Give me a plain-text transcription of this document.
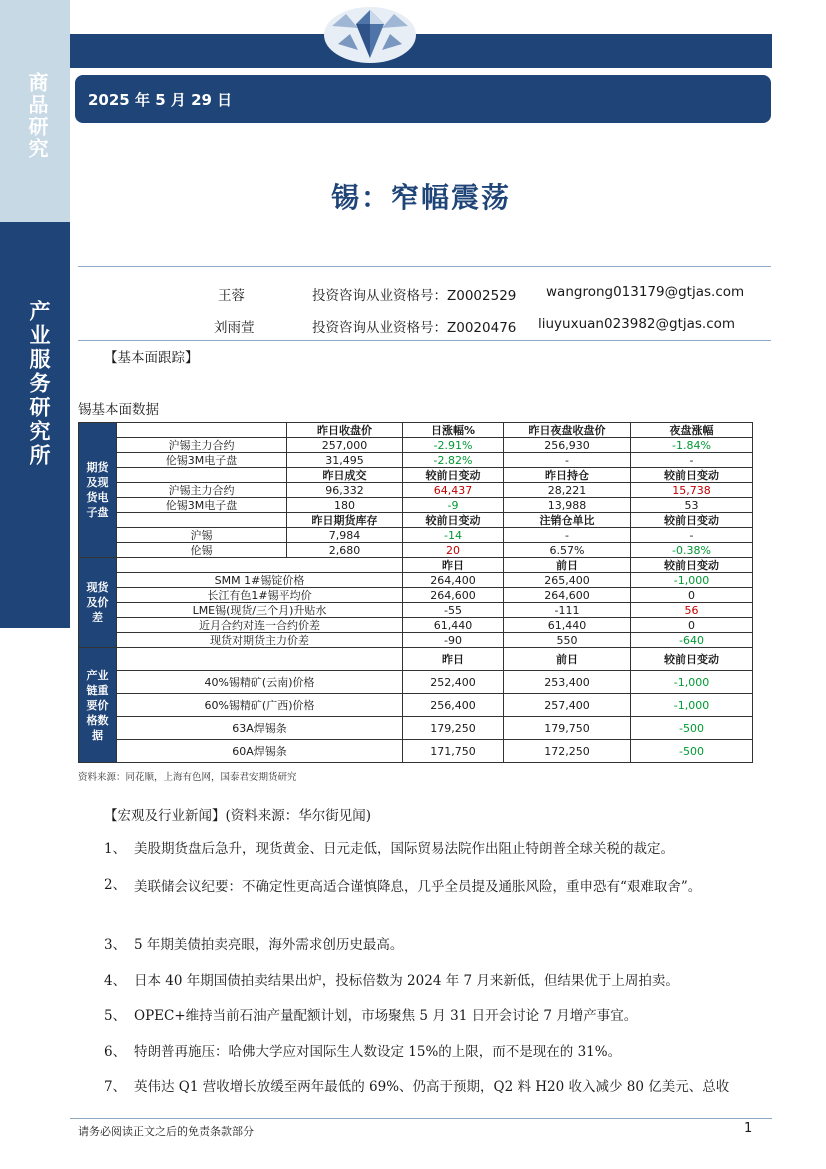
商品研究
产业服务研究所
2025 年 5 月 29 日
锡：窄幅震荡
王蓉	投资咨询从业资格号：Z0002529 wangrong013179@gtjas.com
刘雨萱	投资咨询从业资格号：Z0020476 liuyuxuan023982@gtjas.com
【基本面跟踪】
锡基本面数据
期货及现货电子盘		昨日收盘价	日涨幅%	昨日夜盘收盘价	夜盘涨幅
	沪锡主力合约	257,000	-2.91%	256,930	-1.84%
	伦锡3M电子盘	31,495	-2.82%	-	-
		昨日成交	较前日变动	昨日持仓	较前日变动
	沪锡主力合约	96,332	64,437	28,221	15,738
	伦锡3M电子盘	180	-9	13,988	53
		昨日期货库存	较前日变动	注销仓单比	较前日变动
	沪锡	7,984	-14	-	-
	伦锡	2,680	20	6.57%	-0.38%
现货及价差			昨日	前日	较前日变动
	SMM 1#锡锭价格		264,400	265,400	-1,000
	长江有色1#锡平均价		264,600	264,600	0
	LME锡(现货/三个月)升贴水		-55	-111	56
	近月合约对连一合约价差		61,440	61,440	0
	现货对期货主力价差		-90	550	-640
产业链重要价格数据			昨日	前日	较前日变动
	40%锡精矿(云南)价格		252,400	253,400	-1,000
	60%锡精矿(广西)价格		256,400	257,400	-1,000
	63A焊锡条		179,250	179,750	-500
	60A焊锡条		171,750	172,250	-500
资料来源：同花顺，上海有色网，国泰君安期货研究
【宏观及行业新闻】(资料来源：华尔街见闻)
1、 美股期货盘后急升，现货黄金、日元走低，国际贸易法院作出阻止特朗普全球关税的裁定。
2、 美联储会议纪要：不确定性更高适合谨慎降息，几乎全员提及通胀风险，重申恐有“艰难取舍”。
3、 5 年期美债拍卖亮眼，海外需求创历史最高。
4、 日本 40 年期国债拍卖结果出炉，投标倍数为 2024 年 7 月来新低，但结果优于上周拍卖。
5、 OPEC+维持当前石油产量配额计划，市场聚焦 5 月 31 日开会讨论 7 月增产事宜。
6、 特朗普再施压：哈佛大学应对国际生人数设定 15%的上限，而不是现在的 31%。
7、 英伟达 Q1 营收增长放缓至两年最低的 69%、仍高于预期，Q2 料 H20 收入减少 80 亿美元、总收
请务必阅读正文之后的免责条款部分	1
